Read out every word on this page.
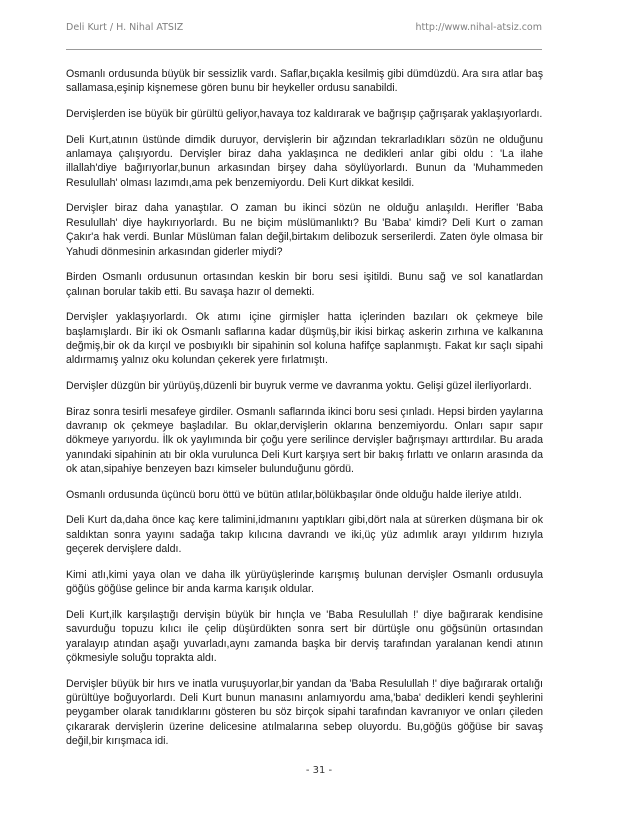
Deli Kurt / H. Nihal ATSIZ	http://www.nihal-atsiz.com

Osmanlı ordusunda büyük bir sessizlik vardı. Saflar,bıçakla kesilmiş gibi dümdüzdü. Ara sıra atlar baş sallamasa,eşinip kişnemese gören bunu bir heykeller ordusu sanabildi.

Dervişlerden ise büyük bir gürültü geliyor,havaya toz kaldırarak ve bağrışıp çağrışarak yaklaşıyorlardı.

Deli Kurt,atının üstünde dimdik duruyor, dervişlerin bir ağzından tekrarladıkları sözün ne olduğunu anlamaya çalışıyordu. Dervişler biraz daha yaklaşınca ne dedikleri anlar gibi oldu : 'La ilahe illallah'diye bağırıyorlar,bunun arkasından birşey daha söylüyorlardı. Bunun da 'Muhammeden Resulullah' olması lazımdı,ama pek benzemiyordu. Deli Kurt dikkat kesildi.

Dervişler biraz daha yanaştılar. O zaman bu ikinci sözün ne olduğu anlaşıldı. Herifler 'Baba Resulullah' diye haykırıyorlardı. Bu ne biçim müslümanlıktı? Bu 'Baba' kimdi? Deli Kurt o zaman Çakır'a hak verdi. Bunlar Müslüman falan değil,birtakım delibozuk serserilerdi. Zaten öyle olmasa bir Yahudi dönmesinin arkasından giderler miydi?

Birden Osmanlı ordusunun ortasından keskin bir boru sesi işitildi. Bunu sağ ve sol kanatlardan çalınan borular takib etti. Bu savaşa hazır ol demekti.

Dervişler yaklaşıyorlardı. Ok atımı içine girmişler hatta içlerinden bazıları ok çekmeye bile başlamışlardı. Bir iki ok Osmanlı saflarına kadar düşmüş,bir ikisi birkaç askerin zırhına ve kalkanına değmiş,bir ok da kırçıl ve posbıyıklı bir sipahinin sol koluna hafifçe saplanmıştı. Fakat kır saçlı sipahi aldırmamış yalnız oku kolundan çekerek yere fırlatmıştı.

Dervişler düzgün bir yürüyüş,düzenli bir buyruk verme ve davranma yoktu. Gelişi güzel ilerliyorlardı.

Biraz sonra tesirli mesafeye girdiler. Osmanlı saflarında ikinci boru sesi çınladı. Hepsi birden yaylarına davranıp ok çekmeye başladılar. Bu oklar,dervişlerin oklarına benzemiyordu. Onları sapır sapır dökmeye yarıyordu. İlk ok yaylımında bir çoğu yere serilince dervişler bağrışmayı arttırdılar. Bu arada yanındaki sipahinin atı bir okla vurulunca Deli Kurt karşıya sert bir bakış fırlattı ve onların arasında da ok atan,sipahiye benzeyen bazı kimseler bulunduğunu gördü.

Osmanlı ordusunda üçüncü boru öttü ve bütün atlılar,bölükbaşılar önde olduğu halde ileriye atıldı.

Deli Kurt da,daha önce kaç kere talimini,idmanını yaptıkları gibi,dört nala at sürerken düşmana bir ok saldıktan sonra yayını sadağa takıp kılıcına davrandı ve iki,üç yüz adımlık arayı yıldırım hızıyla geçerek dervişlere daldı.

Kimi atlı,kimi yaya olan ve daha ilk yürüyüşlerinde karışmış bulunan dervişler Osmanlı ordusuyla göğüs göğüse gelince bir anda karma karışık oldular.

Deli Kurt,ilk karşılaştığı dervişin büyük bir hınçla ve 'Baba Resulullah !' diye bağırarak kendisine savurduğu topuzu kılıcı ile çelip düşürdükten sonra sert bir dürtüşle onu göğsünün ortasından yaralayıp atından aşağı yuvarladı,aynı zamanda başka bir derviş tarafından yaralanan kendi atının çökmesiyle soluğu toprakta aldı.

Dervişler büyük bir hırs ve inatla vuruşuyorlar,bir yandan da 'Baba Resulullah !' diye bağırarak ortalığı gürültüye boğuyorlardı. Deli Kurt bunun manasını anlamıyordu ama,'baba' dedikleri kendi şeyhlerini peygamber olarak tanıdıklarını gösteren bu söz birçok sipahi tarafından kavranıyor ve onları çileden çıkararak dervişlerin üzerine delicesine atılmalarına sebep oluyordu. Bu,göğüs göğüse bir savaş değil,bir kırışmaca idi.

- 31 -
